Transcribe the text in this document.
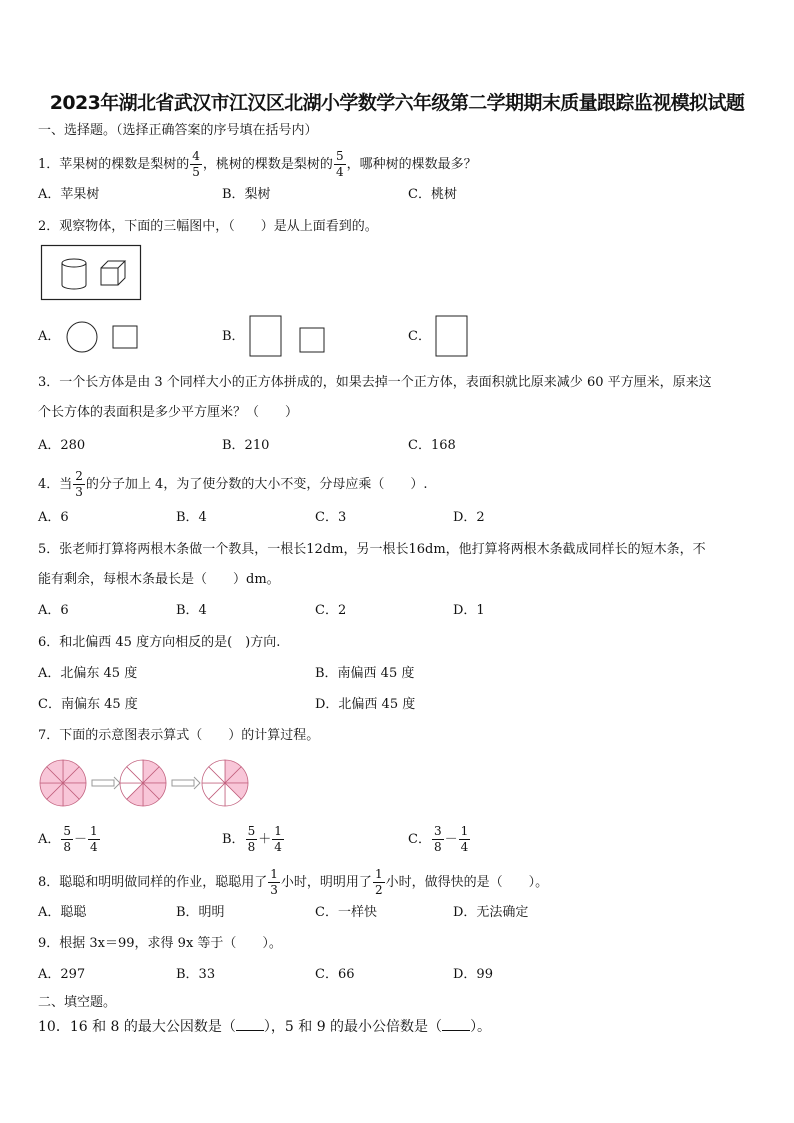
2023年湖北省武汉市江汉区北湖小学数学六年级第二学期期末质量跟踪监视模拟试题
一、选择题。（选择正确答案的序号填在括号内）
1．苹果树的棵数是梨树的 $\frac{4}{5}$ ，桃树的棵数是梨树的 $\frac{5}{4}$ ，哪种树的棵数最多？
A．苹果树	B．梨树	C．桃树
2．观察物体，下面的三幅图中，（　　）是从上面看到的。
A．	B．	C．
3．一个长方体是由 3 个同样大小的正方体拼成的，如果去掉一个正方体，表面积就比原来减少 60 平方厘米，原来这
个长方体的表面积是多少平方厘米？（　　）
A．280	B．210	C．168
4．当 $\frac{2}{3}$ 的分子加上 4，为了使分数的大小不变，分母应乘（　　）.
A．6	B．4	C．3	D．2
5．张老师打算将两根木条做一个教具，一根长12dm，另一根长16dm，他打算将两根木条截成同样长的短木条，不
能有剩余，每根木条最长是（　　）dm。
A．6	B．4	C．2	D．1
6．和北偏西 45 度方向相反的是(　)方向.
A．北偏东 45 度	B．南偏西 45 度
C．南偏东 45 度	D．北偏西 45 度
7．下面的示意图表示算式（　　）的计算过程。
A． $\frac{5}{8} - \frac{1}{4}$	B． $\frac{5}{8} + \frac{1}{4}$	C． $\frac{3}{8} - \frac{1}{4}$
8．聪聪和明明做同样的作业，聪聪用了 $\frac{1}{3}$ 小时，明明用了 $\frac{1}{2}$ 小时，做得快的是（　　）。
A．聪聪	B．明明	C．一样快	D．无法确定
9．根据 3x＝99，求得 9x 等于（　　）。
A．297	B．33	C．66	D．99
二、填空题。
10．16 和 8 的最大公因数是（ ），5 和 9 的最小公倍数是（ ）。
